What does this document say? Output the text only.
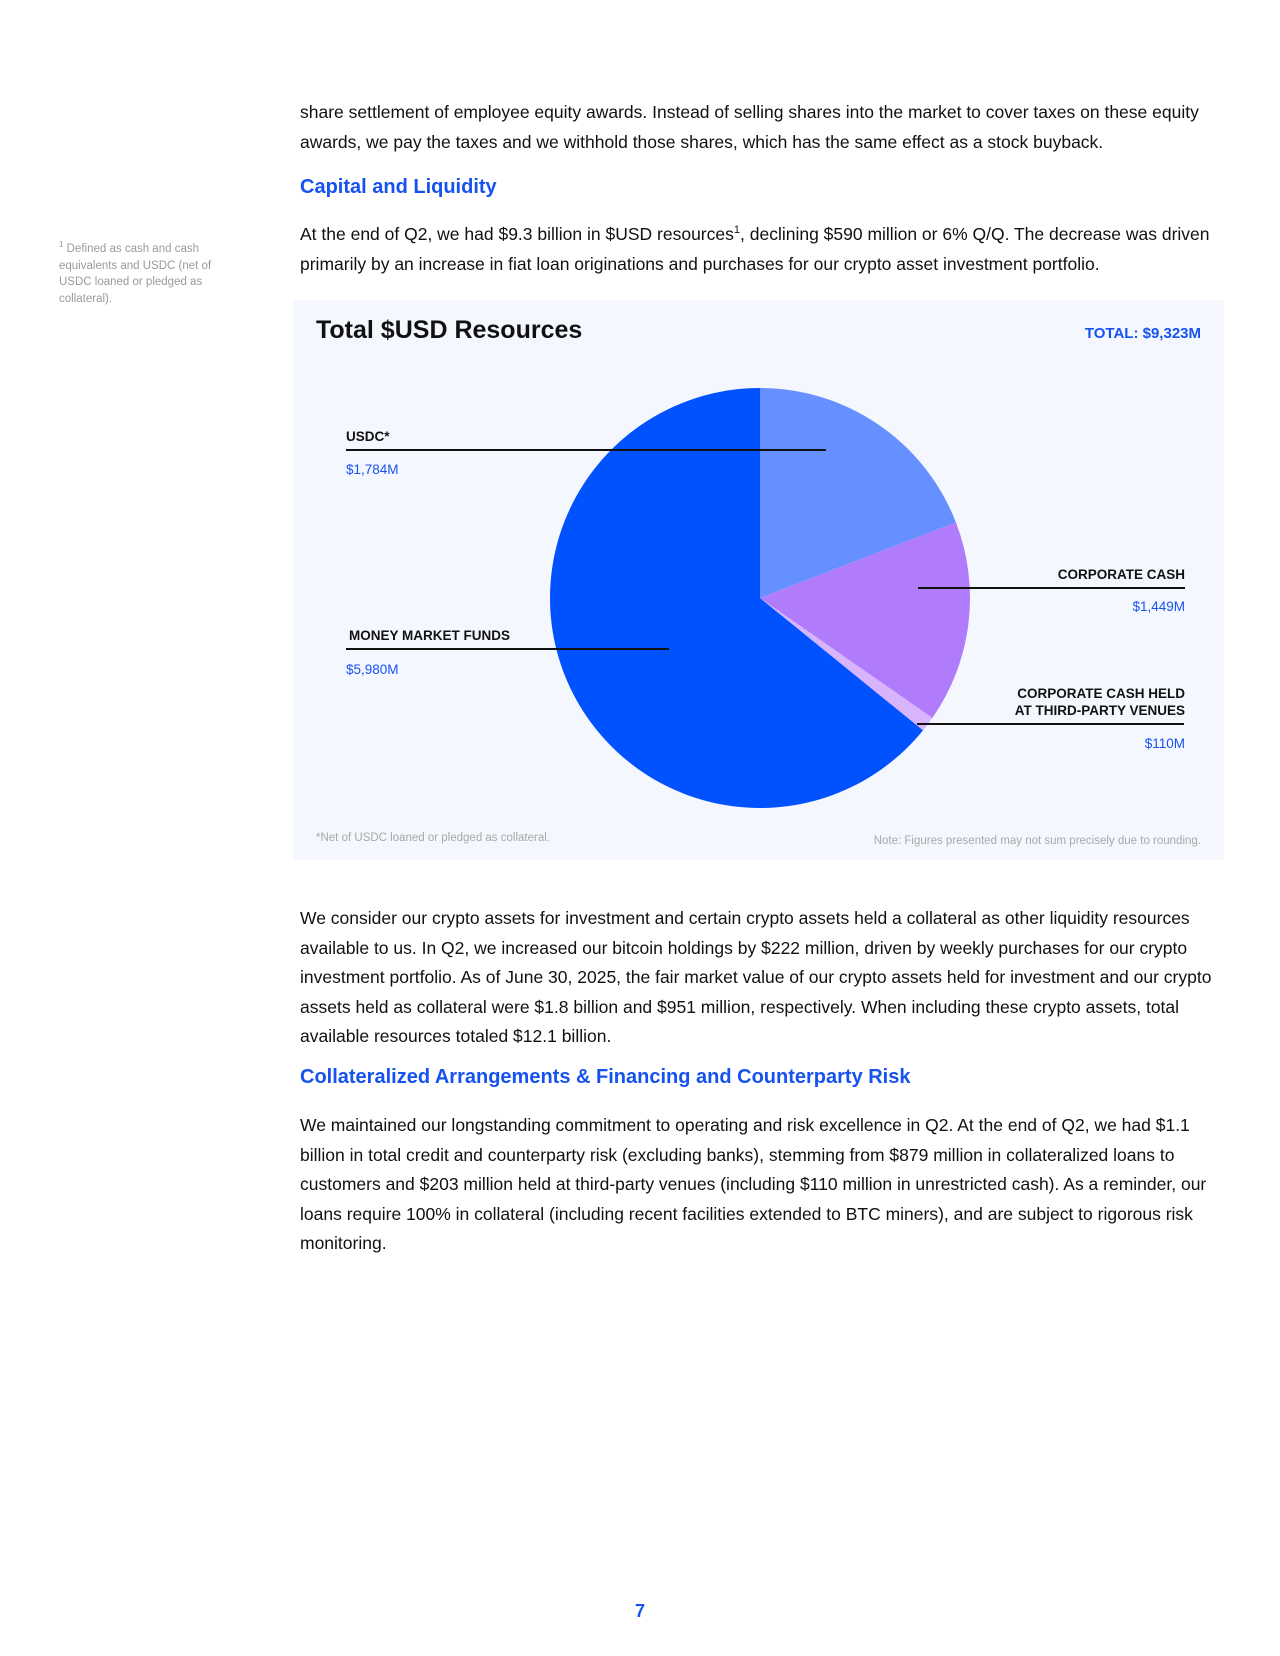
share settlement of employee equity awards. Instead of selling shares into the market to cover taxes on these equity awards, we pay the taxes and we withhold those shares, which has the same effect as a stock buyback.

Capital and Liquidity

$^1$ Defined as cash and cash equivalents and USDC (net of USDC loaned or pledged as collateral).

At the end of Q2, we had $9.3 billion in $USD resources$^1$, declining $590 million or 6% Q/Q. The decrease was driven primarily by an increase in fiat loan originations and purchases for our crypto asset investment portfolio.

Total $USD Resources	TOTAL: $9,323M

USDC*

$1,784M

CORPORATE CASH

$1,449M

CORPORATE CASH HELD
AT THIRD-PARTY VENUES

$110M

MONEY MARKET FUNDS

$5,980M

*Net of USDC loaned or pledged as collateral.	Note: Figures presented may not sum precisely due to rounding.

We consider our crypto assets for investment and certain crypto assets held a collateral as other liquidity resources available to us. In Q2, we increased our bitcoin holdings by $222 million, driven by weekly purchases for our crypto investment portfolio. As of June 30, 2025, the fair market value of our crypto assets held for investment and our crypto assets held as collateral were $1.8 billion and $951 million, respectively. When including these crypto assets, total available resources totaled $12.1 billion.

Collateralized Arrangements & Financing and Counterparty Risk

We maintained our longstanding commitment to operating and risk excellence in Q2. At the end of Q2, we had $1.1 billion in total credit and counterparty risk (excluding banks), stemming from $879 million in collateralized loans to customers and $203 million held at third-party venues (including $110 million in unrestricted cash). As a reminder, our loans require 100% in collateral (including recent facilities extended to BTC miners), and are subject to rigorous risk monitoring.

7
